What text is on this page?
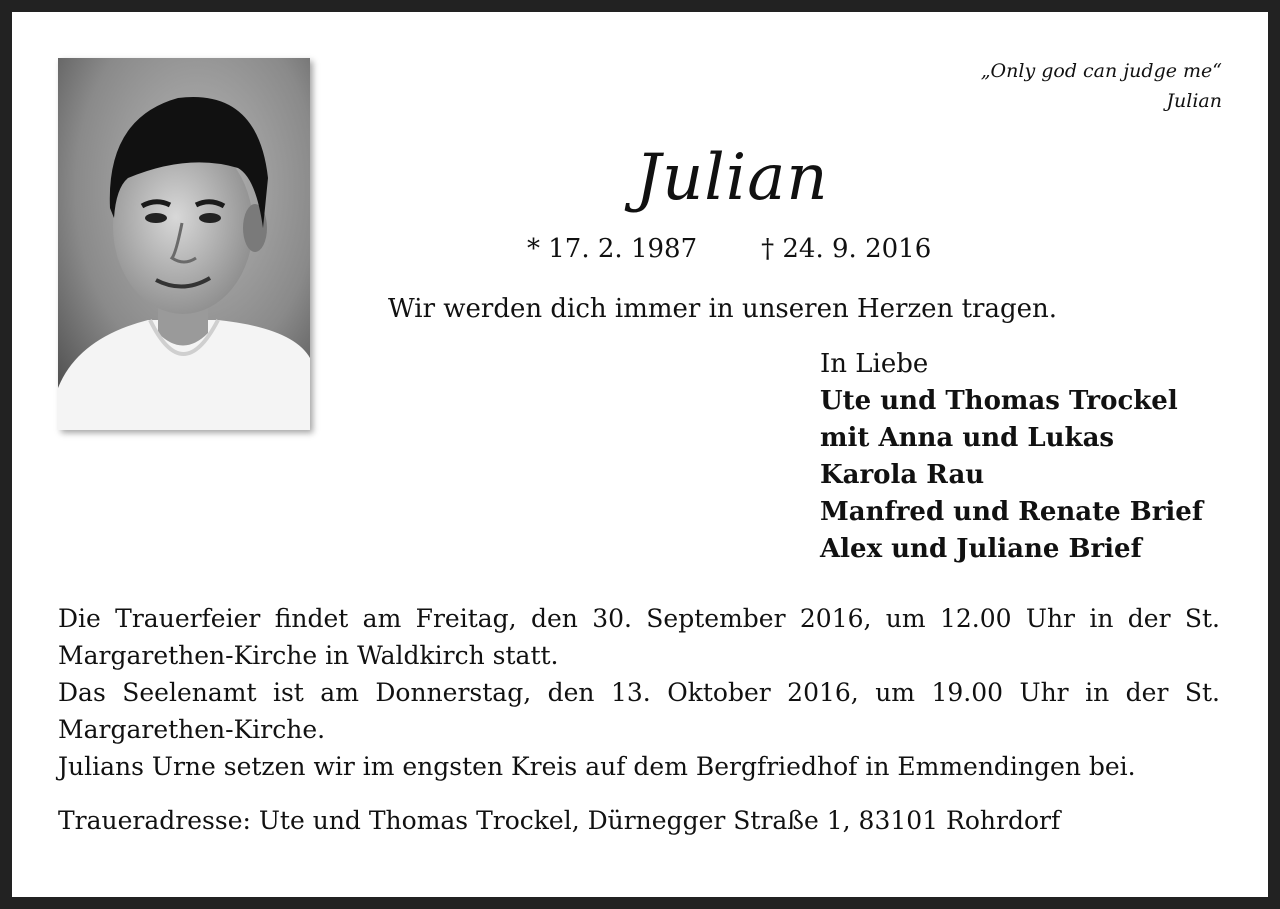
„Only god can judge me“
Julian
Julian
* 17. 2. 1987 † 24. 9. 2016
Wir werden dich immer in unseren Herzen tragen.
In Liebe
Ute und Thomas Trockel
mit Anna und Lukas
Karola Rau
Manfred und Renate Brief
Alex und Juliane Brief

Die Trauerfeier findet am Freitag, den 30. September 2016, um 12.00 Uhr in der St. Margarethen-Kirche in Waldkirch statt.

Das Seelenamt ist am Donnerstag, den 13. Oktober 2016, um 19.00 Uhr in der St. Margarethen-Kirche.

Julians Urne setzen wir im engsten Kreis auf dem Bergfriedhof in Emmendingen bei.

Traueradresse: Ute und Thomas Trockel, Dürnegger Straße 1, 83101 Rohrdorf
